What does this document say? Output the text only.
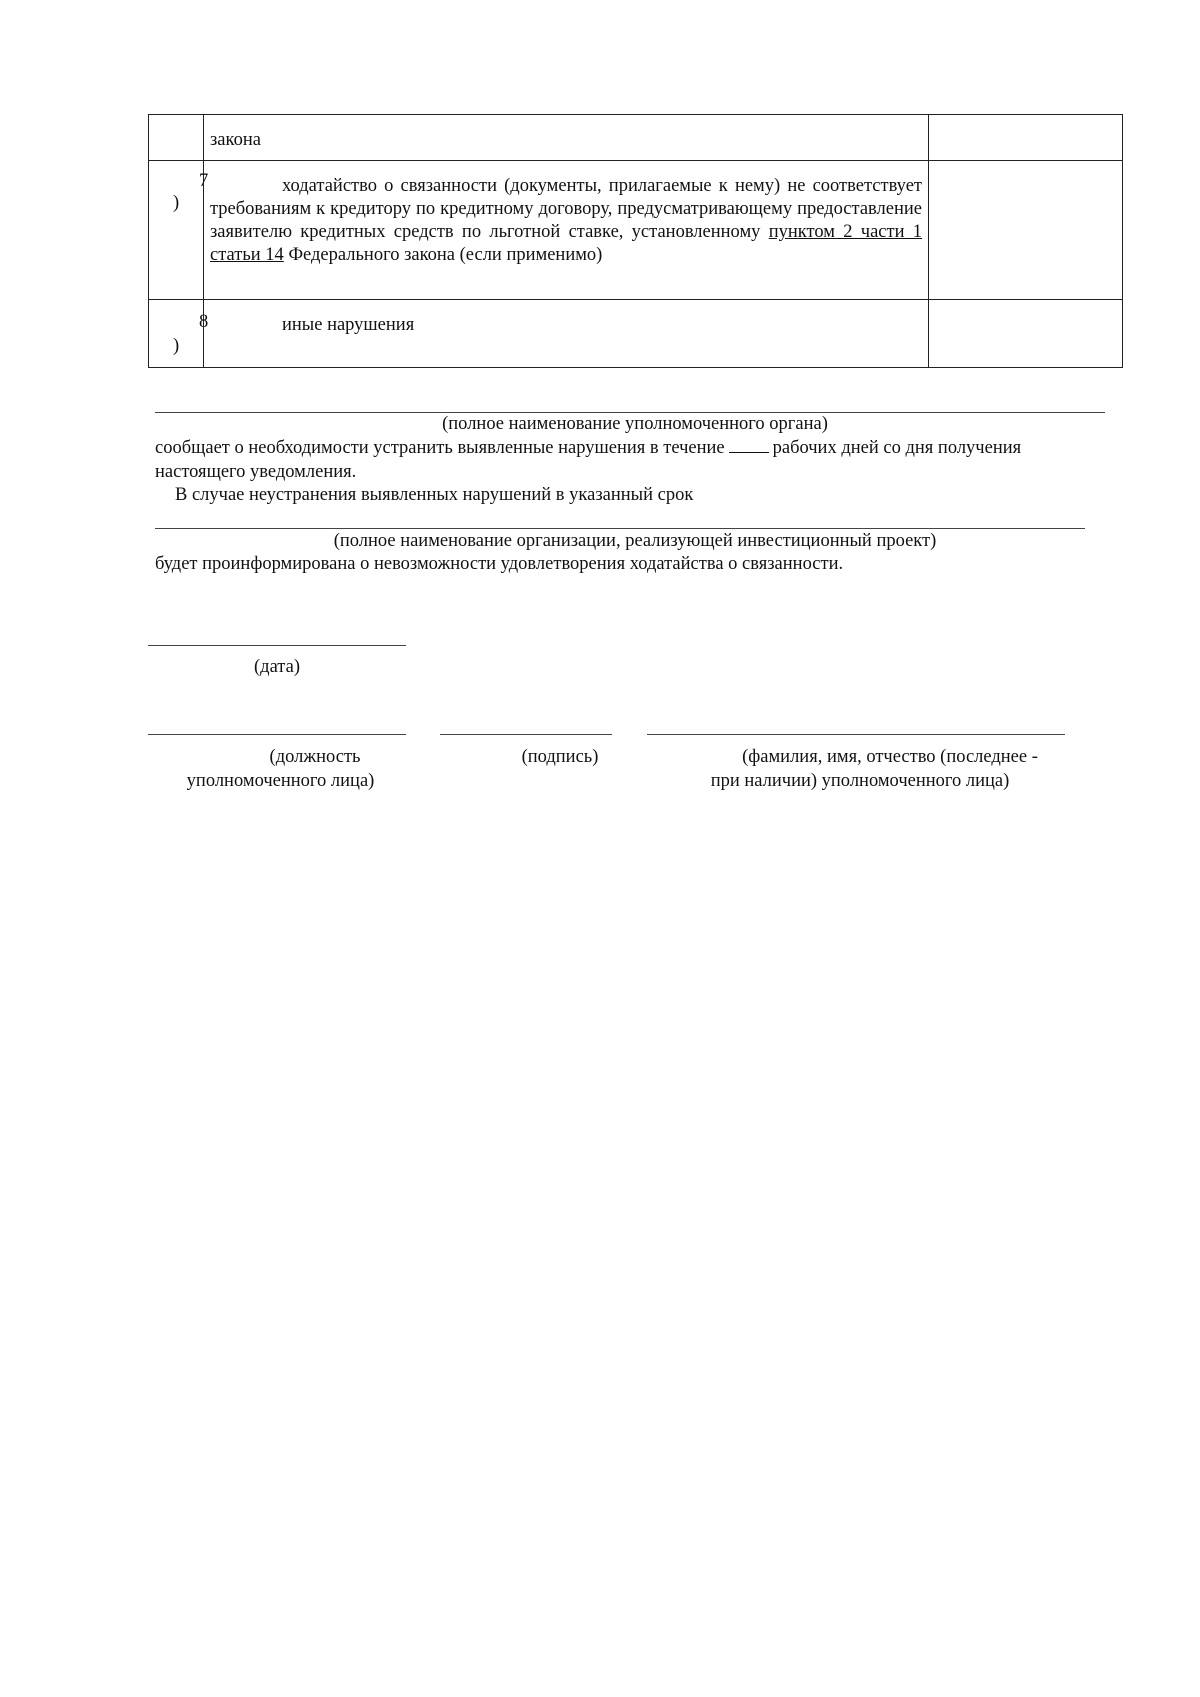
	закона	

7
)	ходатайство о связанности (документы, прилагаемые к нему) не соответствует требованиям к кредитору по кредитному договору, предусматривающему предоставление заявителю кредитных средств по льготной ставке, установленному пунктом 2 части 1 статьи 14 Федерального закона (если применимо)	

8
)	иные нарушения	
(полное наименование уполномоченного органа)
сообщает о необходимости устранить выявленные нарушения в течение	рабочих дней со дня получения
настоящего уведомления.
В случае неустранения выявленных нарушений в указанный срок
(полное наименование организации, реализующей инвестиционный проект)
будет проинформирована о невозможности удовлетворения ходатайства о связанности.
(дата)
(должность
уполномоченного лица)
(подпись)	(фамилия, имя, отчество (последнее -
при наличии) уполномоченного лица)
